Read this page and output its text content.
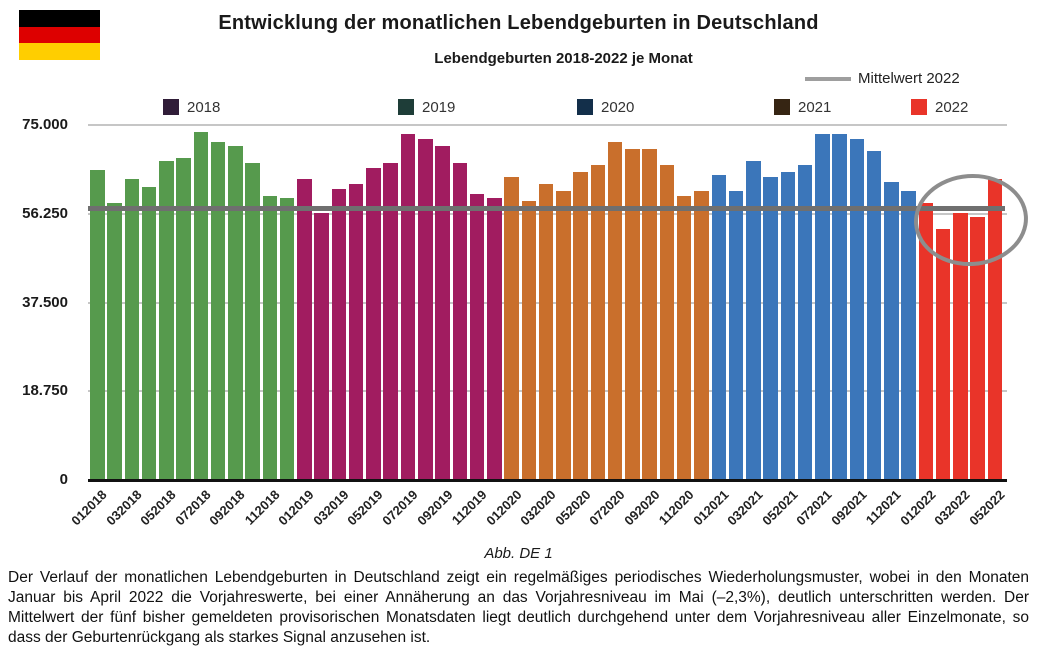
Entwicklung der monatlichen Lebendgeburten in Deutschland
Lebendgeburten 2018-2022 je Monat
Mittelwert 2022
75.000
56.250
37.500
18.750
0
012018
032018
052018
072018
092018
112018
012019
032019
052019
072019
092019
112019
012020
032020
052020
072020
092020
112020
012021
032021
052021
072021
092021
112021
012022
032022
052022
Abb. DE 1
Der Verlauf der monatlichen Lebendgeburten in Deutschland zeigt ein regelmäßiges periodisches Wiederholungsmuster, wobei in den Monaten Januar bis April 2022 die Vorjahreswerte, bei einer Annäherung an das Vorjahresniveau im Mai (–2,3%), deutlich unterschritten werden. Der Mittelwert der fünf bisher gemeldeten provisorischen Monatsdaten liegt deutlich durchgehend unter dem Vorjahresniveau aller Einzelmonate, so dass der Geburtenrückgang als starkes Signal anzusehen ist.
2018	2019	2020	2021	2022
